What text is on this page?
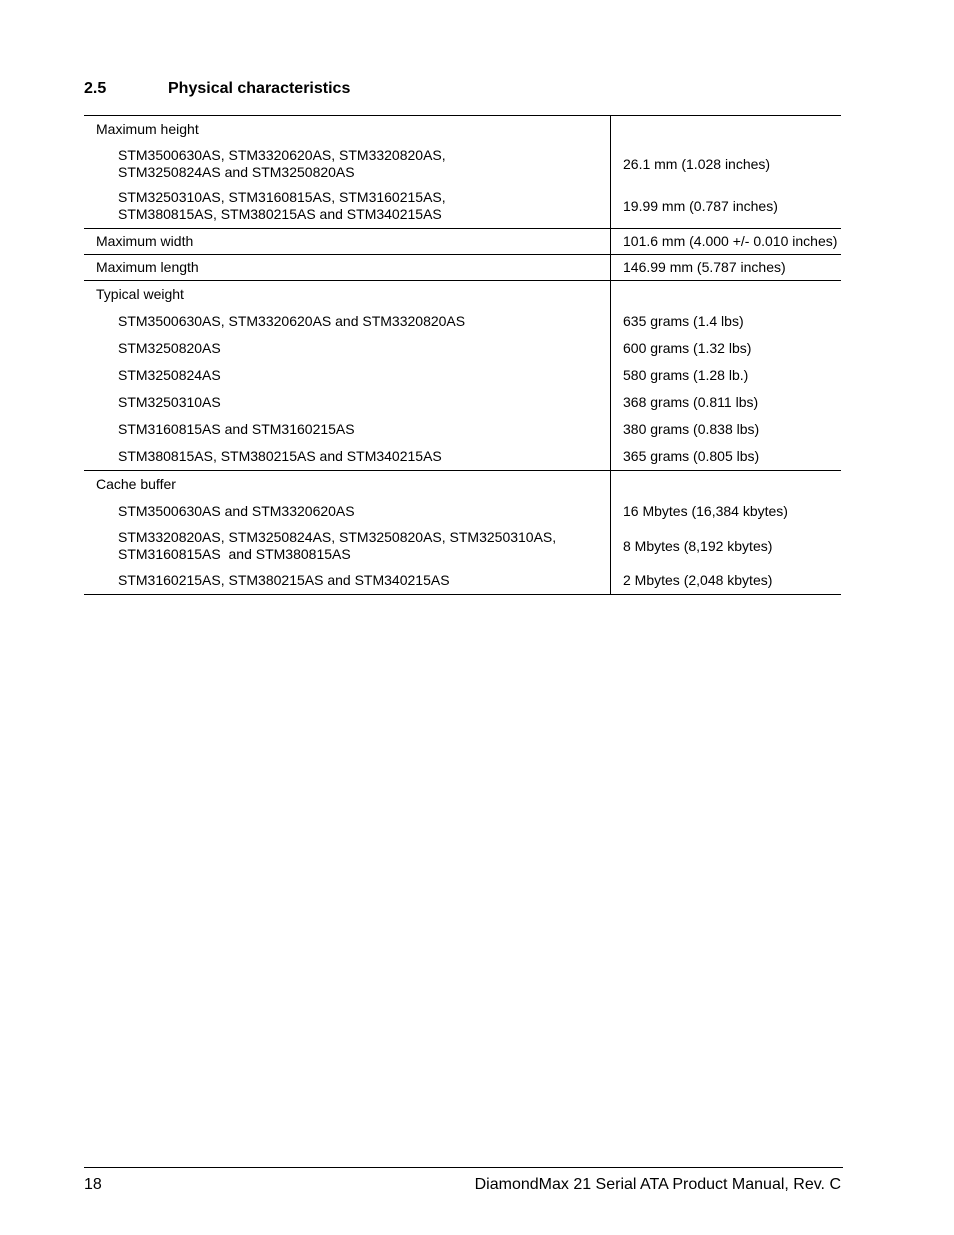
2.5	Physical characteristics
Maximum height	

STM3500630AS, STM3320620AS, STM3320820AS,
STM3250824AS and STM3250820AS	26.1 mm (1.028 inches)

STM3250310AS, STM3160815AS, STM3160215AS,
STM380815AS, STM380215AS and STM340215AS	19.99 mm (0.787 inches)
Maximum width	101.6 mm (4.000 +/- 0.010 inches)
Maximum length	146.99 mm (5.787 inches)
Typical weight	

STM3500630AS, STM3320620AS and STM3320820AS	635 grams (1.4 lbs)

STM3250820AS	600 grams (1.32 lbs)

STM3250824AS	580 grams (1.28 lb.)

STM3250310AS	368 grams (0.811 lbs)

STM3160815AS and STM3160215AS	380 grams (0.838 lbs)

STM380815AS, STM380215AS and STM340215AS	365 grams (0.805 lbs)
Cache buffer	

STM3500630AS and STM3320620AS	16 Mbytes (16,384 kbytes)

STM3320820AS, STM3250824AS, STM3250820AS, STM3250310AS,
STM3160815AS  and STM380815AS	8 Mbytes (8,192 kbytes)

STM3160215AS, STM380215AS and STM340215AS	2 Mbytes (2,048 kbytes)
18	DiamondMax 21 Serial ATA Product Manual, Rev. C
